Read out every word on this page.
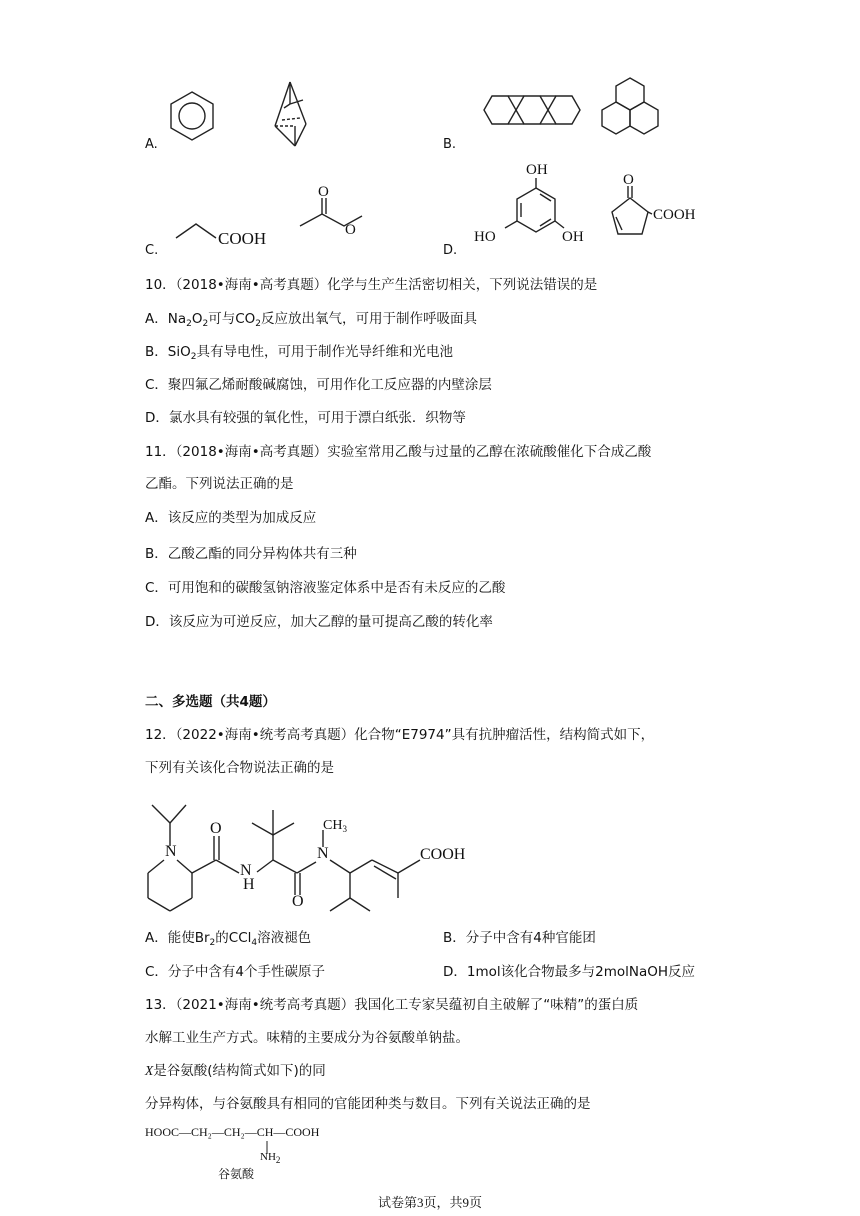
A.	B.
C.
COOH
O
O
D.
OH
HO	OH
O
COOH
10．（2018•海南•高考真题）化学与生产生活密切相关，下列说法错误的是
A．$Na_2O_2$可与$CO_2$反应放出氧气，可用于制作呼吸面具
B．SiO$_2$具有导电性，可用于制作光导纤维和光电池
C．聚四氟乙烯耐酸碱腐蚀，可用作化工反应器的内壁涂层
D．氯水具有较强的氧化性，可用于漂白纸张．织物等
11．（2018•海南•高考真题）实验室常用乙酸与过量的乙醇在浓硫酸催化下合成乙酸
乙酯。下列说法正确的是
A．该反应的类型为加成反应
B．乙酸乙酯的同分异构体共有三种
C．可用饱和的碳酸氢钠溶液鉴定体系中是否有未反应的乙酸
D．该反应为可逆反应，加大乙醇的量可提高乙酸的转化率
二、多选题（共4题）
12．（2022•海南•统考高考真题）化合物“E7974”具有抗肿瘤活性，结构简式如下，
下列有关该化合物说法正确的是
N
O
N
H
O
N
$CH_3$
COOH
A．能使$Br_2$的CCl$_4$溶液褪色	B．分子中含有4种官能团
C．分子中含有4个手性碳原子	D．1mol该化合物最多与2molNaOH反应
13．（2021•海南•统考高考真题）我国化工专家吴蕴初自主破解了“味精”的蛋白质
水解工业生产方式。味精的主要成分为谷氨酸单钠盐。
X是谷氨酸(结构简式如下)的同
分异构体，与谷氨酸具有相同的官能团种类与数目。下列有关说法正确的是
HOOC—CH₂—CH₂—CH—COOH
$NH_2$
谷氨酸
试卷第3页，共9页
